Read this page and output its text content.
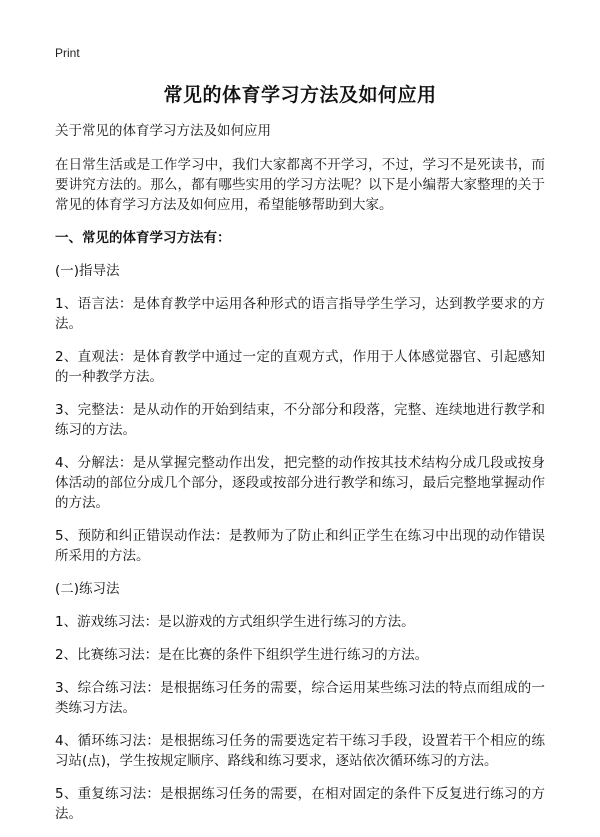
Print
常见的体育学习方法及如何应用

关于常见的体育学习方法及如何应用

在日常生活或是工作学习中，我们大家都离不开学习，不过，学习不是死读书，而要讲究方法的。那么，都有哪些实用的学习方法呢？以下是小编帮大家整理的关于常见的体育学习方法及如何应用，希望能够帮助到大家。

一、常见的体育学习方法有：

(一)指导法

1、语言法：是体育教学中运用各种形式的语言指导学生学习，达到教学要求的方法。

2、直观法：是体育教学中通过一定的直观方式，作用于人体感觉器官、引起感知的一种教学方法。

3、完整法：是从动作的开始到结束，不分部分和段落，完整、连续地进行教学和练习的方法。

4、分解法：是从掌握完整动作出发，把完整的动作按其技术结构分成几段或按身体活动的部位分成几个部分，逐段或按部分进行教学和练习，最后完整地掌握动作的方法。

5、预防和纠正错误动作法：是教师为了防止和纠正学生在练习中出现的动作错误所采用的方法。

(二)练习法

1、游戏练习法：是以游戏的方式组织学生进行练习的方法。

2、比赛练习法：是在比赛的条件下组织学生进行练习的方法。

3、综合练习法：是根据练习任务的需要，综合运用某些练习法的特点而组成的一类练习方法。

4、循环练习法：是根据练习任务的需要选定若干练习手段，设置若干个相应的练习站(点)，学生按规定顺序、路线和练习要求，逐站依次循环练习的方法。

5、重复练习法：是根据练习任务的需要，在相对固定的条件下反复进行练习的方法。
